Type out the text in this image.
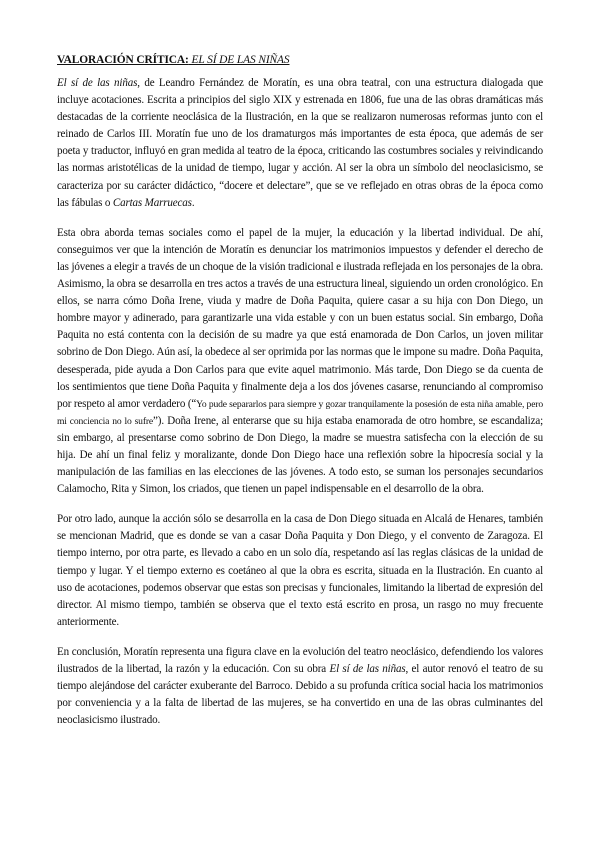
VALORACIÓN CRÍTICA: EL SÍ DE LAS NIÑAS

El sí de las niñas, de Leandro Fernández de Moratín, es una obra teatral, con una estructura dialogada que incluye acotaciones. Escrita a principios del siglo XIX y estrenada en 1806, fue una de las obras dramáticas más destacadas de la corriente neoclásica de la Ilustración, en la que se realizaron numerosas reformas junto con el reinado de Carlos III. Moratín fue uno de los dramaturgos más importantes de esta época, que además de ser poeta y traductor, influyó en gran medida al teatro de la época, criticando las costumbres sociales y reivindicando las normas aristotélicas de la unidad de tiempo, lugar y acción. Al ser la obra un símbolo del neoclasicismo, se caracteriza por su carácter didáctico, “docere et delectare”, que se ve reflejado en otras obras de la época como las fábulas o Cartas Marruecas.

Esta obra aborda temas sociales como el papel de la mujer, la educación y la libertad individual. De ahí, conseguimos ver que la intención de Moratín es denunciar los matrimonios impuestos y defender el derecho de las jóvenes a elegir a través de un choque de la visión tradicional e ilustrada reflejada en los personajes de la obra. Asimismo, la obra se desarrolla en tres actos a través de una estructura lineal, siguiendo un orden cronológico. En ellos, se narra cómo Doña Irene, viuda y madre de Doña Paquita, quiere casar a su hija con Don Diego, un hombre mayor y adinerado, para garantizarle una vida estable y con un buen estatus social. Sin embargo, Doña Paquita no está contenta con la decisión de su madre ya que está enamorada de Don Carlos, un joven militar sobrino de Don Diego. Aún así, la obedece al ser oprimida por las normas que le impone su madre. Doña Paquita, desesperada, pide ayuda a Don Carlos para que evite aquel matrimonio. Más tarde, Don Diego se da cuenta de los sentimientos que tiene Doña Paquita y finalmente deja a los dos jóvenes casarse, renunciando al compromiso por respeto al amor verdadero (“Yo pude separarlos para siempre y gozar tranquilamente la posesión de esta niña amable, pero mi conciencia no lo sufre”). Doña Irene, al enterarse que su hija estaba enamorada de otro hombre, se escandaliza; sin embargo, al presentarse como sobrino de Don Diego, la madre se muestra satisfecha con la elección de su hija. De ahí un final feliz y moralizante, donde Don Diego hace una reflexión sobre la hipocresía social y la manipulación de las familias en las elecciones de las jóvenes. A todo esto, se suman los personajes secundarios Calamocho, Rita y Simon, los criados, que tienen un papel indispensable en el desarrollo de la obra.

Por otro lado, aunque la acción sólo se desarrolla en la casa de Don Diego situada en Alcalá de Henares, también se mencionan Madrid, que es donde se van a casar Doña Paquita y Don Diego, y el convento de Zaragoza. El tiempo interno, por otra parte, es llevado a cabo en un solo día, respetando así las reglas clásicas de la unidad de tiempo y lugar. Y el tiempo externo es coetáneo al que la obra es escrita, situada en la Ilustración. En cuanto al uso de acotaciones, podemos observar que estas son precisas y funcionales, limitando la libertad de expresión del director. Al mismo tiempo, también se observa que el texto está escrito en prosa, un rasgo no muy frecuente anteriormente.

En conclusión, Moratín representa una figura clave en la evolución del teatro neoclásico, defendiendo los valores ilustrados de la libertad, la razón y la educación. Con su obra El sí de las niñas, el autor renovó el teatro de su tiempo alejándose del carácter exuberante del Barroco. Debido a su profunda crítica social hacia los matrimonios por conveniencia y a la falta de libertad de las mujeres, se ha convertido en una de las obras culminantes del neoclasicismo ilustrado.
